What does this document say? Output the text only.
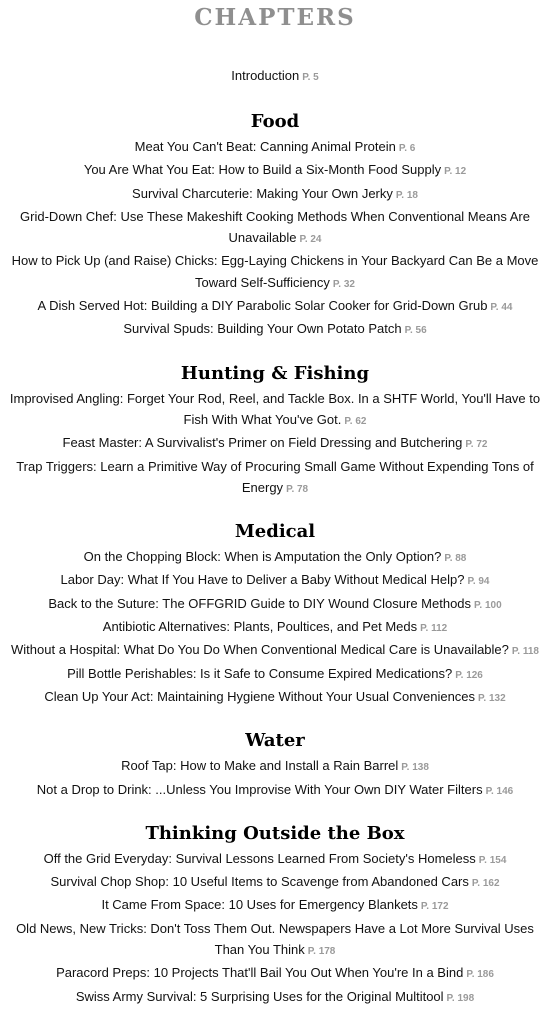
CHAPTERS
Introduction P. 5
Food
Meat You Can't Beat: Canning Animal Protein P. 6
You Are What You Eat: How to Build a Six-Month Food Supply P. 12
Survival Charcuterie: Making Your Own Jerky P. 18
Grid-Down Chef: Use These Makeshift Cooking Methods When Conventional Means Are Unavailable P. 24
How to Pick Up (and Raise) Chicks: Egg-Laying Chickens in Your Backyard Can Be a Move Toward Self-Sufficiency P. 32
A Dish Served Hot: Building a DIY Parabolic Solar Cooker for Grid-Down Grub P. 44
Survival Spuds: Building Your Own Potato Patch P. 56
Hunting & Fishing
Improvised Angling: Forget Your Rod, Reel, and Tackle Box. In a SHTF World, You'll Have to Fish With What You've Got. P. 62
Feast Master: A Survivalist's Primer on Field Dressing and Butchering P. 72
Trap Triggers: Learn a Primitive Way of Procuring Small Game Without Expending Tons of Energy P. 78
Medical
On the Chopping Block: When is Amputation the Only Option? P. 88
Labor Day: What If You Have to Deliver a Baby Without Medical Help? P. 94
Back to the Suture: The OFFGRID Guide to DIY Wound Closure Methods P. 100
Antibiotic Alternatives: Plants, Poultices, and Pet Meds P. 112
Without a Hospital: What Do You Do When Conventional Medical Care is Unavailable? P. 118
Pill Bottle Perishables: Is it Safe to Consume Expired Medications? P. 126
Clean Up Your Act: Maintaining Hygiene Without Your Usual Conveniences P. 132
Water
Roof Tap: How to Make and Install a Rain Barrel P. 138
Not a Drop to Drink: ...Unless You Improvise With Your Own DIY Water Filters P. 146
Thinking Outside the Box
Off the Grid Everyday: Survival Lessons Learned From Society's Homeless P. 154
Survival Chop Shop: 10 Useful Items to Scavenge from Abandoned Cars P. 162
It Came From Space: 10 Uses for Emergency Blankets P. 172
Old News, New Tricks: Don't Toss Them Out. Newspapers Have a Lot More Survival Uses Than You Think P. 178
Paracord Preps: 10 Projects That'll Bail You Out When You're In a Bind P. 186
Swiss Army Survival: 5 Surprising Uses for the Original Multitool P. 198
